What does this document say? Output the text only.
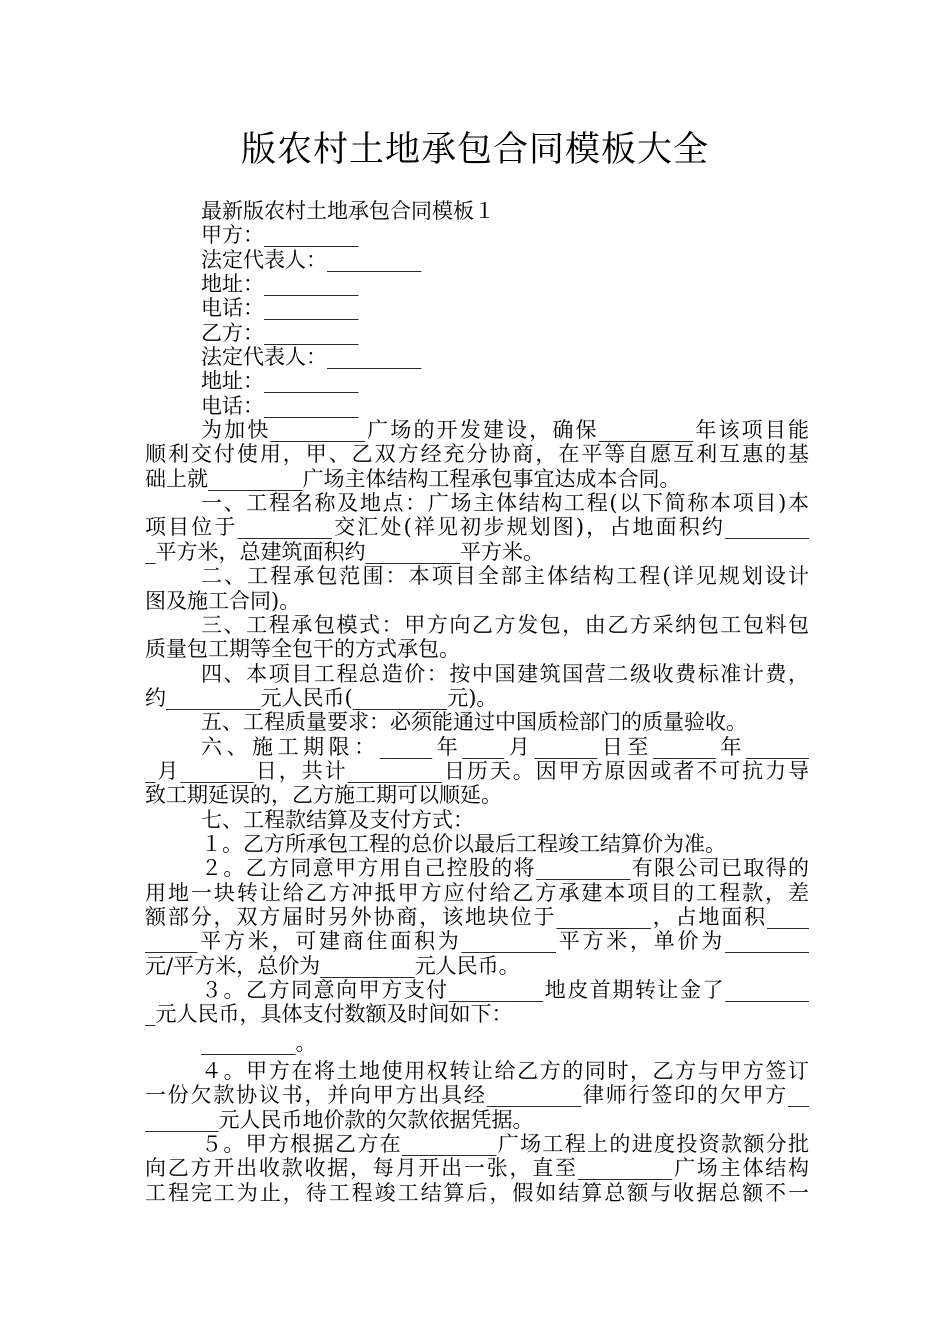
版农村土地承包合同模板大全
最新版农村土地承包合同模板１
甲方：_________
法定代表人：_________
地址：_________
电话：_________
乙方：_________
法定代表人：_________
地址：_________
电话：_________
为加快_________广场的开发建设，确保_________年该项目能
顺利交付使用，甲、乙双方经充分协商，在平等自愿互利互惠的基
础上就_________广场主体结构工程承包事宜达成本合同。
一、工程名称及地点：广场主体结构工程(以下简称本项目)本
项目位于_________交汇处(祥见初步规划图)，占地面积约________
_平方米，总建筑面积约_________平方米。
二、工程承包范围：本项目全部主体结构工程(详见规划设计
图及施工合同)。
三、工程承包模式：甲方向乙方发包，由乙方采纳包工包料包
质量包工期等全包干的方式承包。
四、本项目工程总造价：按中国建筑国营二级收费标准计费，
约_________元人民币(_________元)。
五、工程质量要求：必须能通过中国质检部门的质量验收。
六、施工期限：_____年____月______日至______年______
_月_______日，共计_________日历天。因甲方原因或者不可抗力导
致工期延误的，乙方施工期可以顺延。
七、工程款结算及支付方式：
１。乙方所承包工程的总价以最后工程竣工结算价为准。
２。乙方同意甲方用自己控股的将_________有限公司已取得的
用地一块转让给乙方冲抵甲方应付给乙方承建本项目的工程款，差
额部分，双方届时另外协商，该地块位于_________，占地面积____
_____平方米，可建商住面积为_________平方米，单价为________
元/平方米，总价为_________元人民币。
３。乙方同意向甲方支付_________地皮首期转让金了________
_元人民币，具体支付数额及时间如下：
_________。
４。甲方在将土地使用权转让给乙方的同时，乙方与甲方签订
一份欠款协议书，并向甲方出具经_________律师行签印的欠甲方__
_______元人民币地价款的欠款依据凭据。
５。甲方根据乙方在_________广场工程上的进度投资款额分批
向乙方开出收款收据，每月开出一张，直至_________广场主体结构
工程完工为止，待工程竣工结算后，假如结算总额与收据总额不一
